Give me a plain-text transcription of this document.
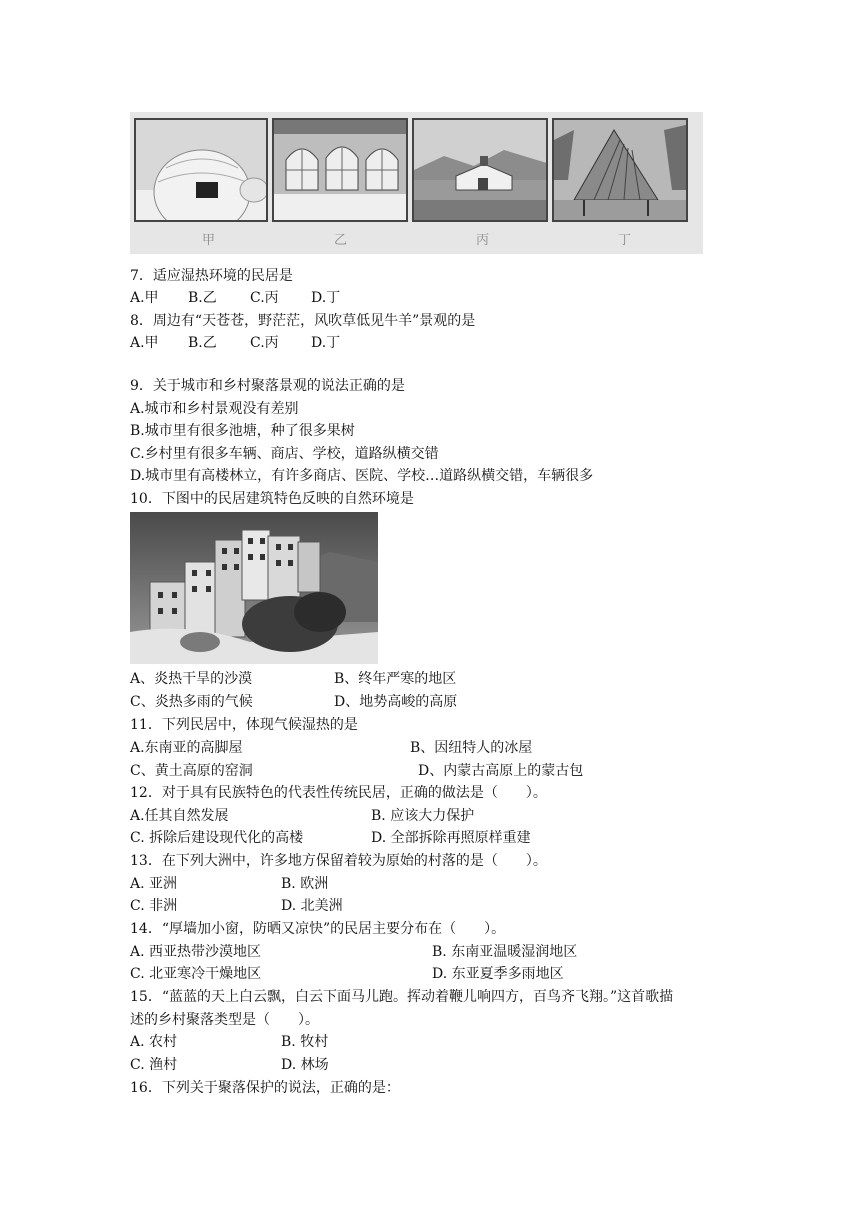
甲	乙	丙	丁
7．适应湿热环境的民居是
A.甲 B.乙 C.丙 D.丁
8．周边有“天苍苍，野茫茫，风吹草低见牛羊”景观的是
A.甲 B.乙 C.丙 D.丁
9．关于城市和乡村聚落景观的说法正确的是
A.城市和乡村景观没有差别
B.城市里有很多池塘，种了很多果树
C.乡村里有很多车辆、商店、学校，道路纵横交错
D.城市里有高楼林立，有许多商店、医院、学校…道路纵横交错，车辆很多
10．下图中的民居建筑特色反映的自然环境是
A、炎热干旱的沙漠	B、终年严寒的地区
C、炎热多雨的气候	D、地势高峻的高原
11．下列民居中，体现气候湿热的是
A.东南亚的高脚屋	B、因纽特人的冰屋
C、黄土高原的窑洞	D、内蒙古高原上的蒙古包
12．对于具有民族特色的代表性传统民居，正确的做法是（　　）。
A.任其自然发展	B. 应该大力保护
C. 拆除后建设现代化的高楼	D. 全部拆除再照原样重建
13．在下列大洲中，许多地方保留着较为原始的村落的是（　　）。
A. 亚洲	B. 欧洲
C. 非洲	D. 北美洲
14．“厚墙加小窗，防晒又凉快”的民居主要分布在（　　）。
A. 西亚热带沙漠地区	B. 东南亚温暖湿润地区
C. 北亚寒冷干燥地区	D. 东亚夏季多雨地区
15．“蓝蓝的天上白云飘，白云下面马儿跑。挥动着鞭儿响四方，百鸟齐飞翔。”这首歌描
述的乡村聚落类型是（　　）。
A. 农村	B. 牧村
C. 渔村	D. 林场
16．下列关于聚落保护的说法，正确的是：
